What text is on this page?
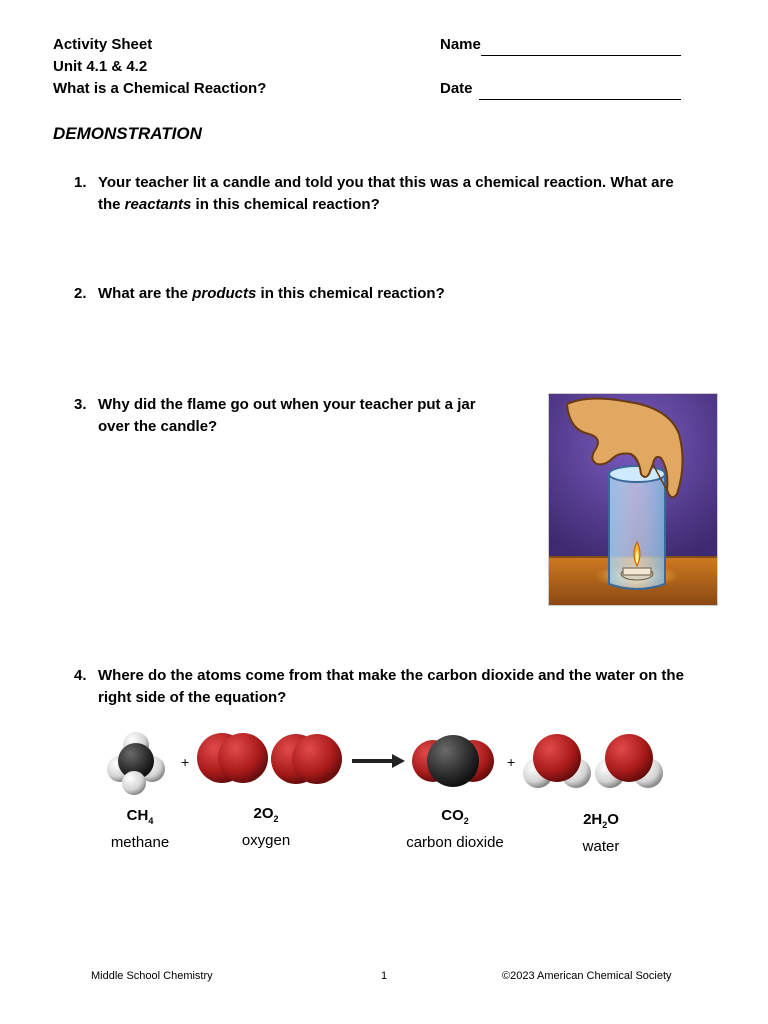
Activity Sheet
Unit 4.1 & 4.2
What is a Chemical Reaction?
Name
Date
DEMONSTRATION
1. Your teacher lit a candle and told you that this was a chemical reaction. What are the reactants in this chemical reaction?
2. What are the products in this chemical reaction?
3. Why did the flame go out when your teacher put a jar
over the candle?
4. Where do the atoms come from that make the carbon dioxide and the water on the right side of the equation?
+	+
$CH_4$
methane
$2O_2$
oxygen
$CO_2$
carbon dioxide
$2H_2O$
water
Middle School Chemistry	1	©2023 American Chemical Society
